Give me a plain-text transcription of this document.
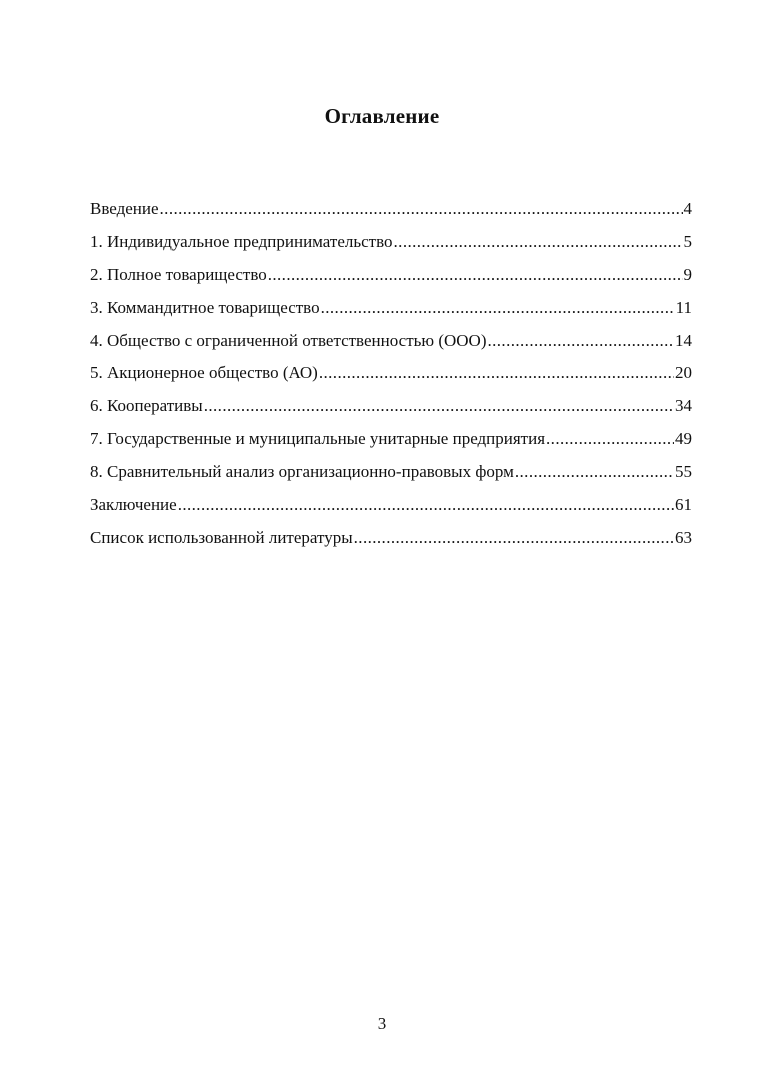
Оглавление
Введение .....	4
1. Индивидуальное предпринимательство .....	5
2. Полное товарищество .....	9
3. Коммандитное товарищество .....	11
4. Общество с ограниченной ответственностью (ООО) .....	14
5. Акционерное общество (АО) .....	20
6. Кооперативы .....	34
7. Государственные и муниципальные унитарные предприятия .....	49
8. Сравнительный анализ организационно-правовых форм .....	55
Заключение .....	61
Список использованной литературы .....	63
3
